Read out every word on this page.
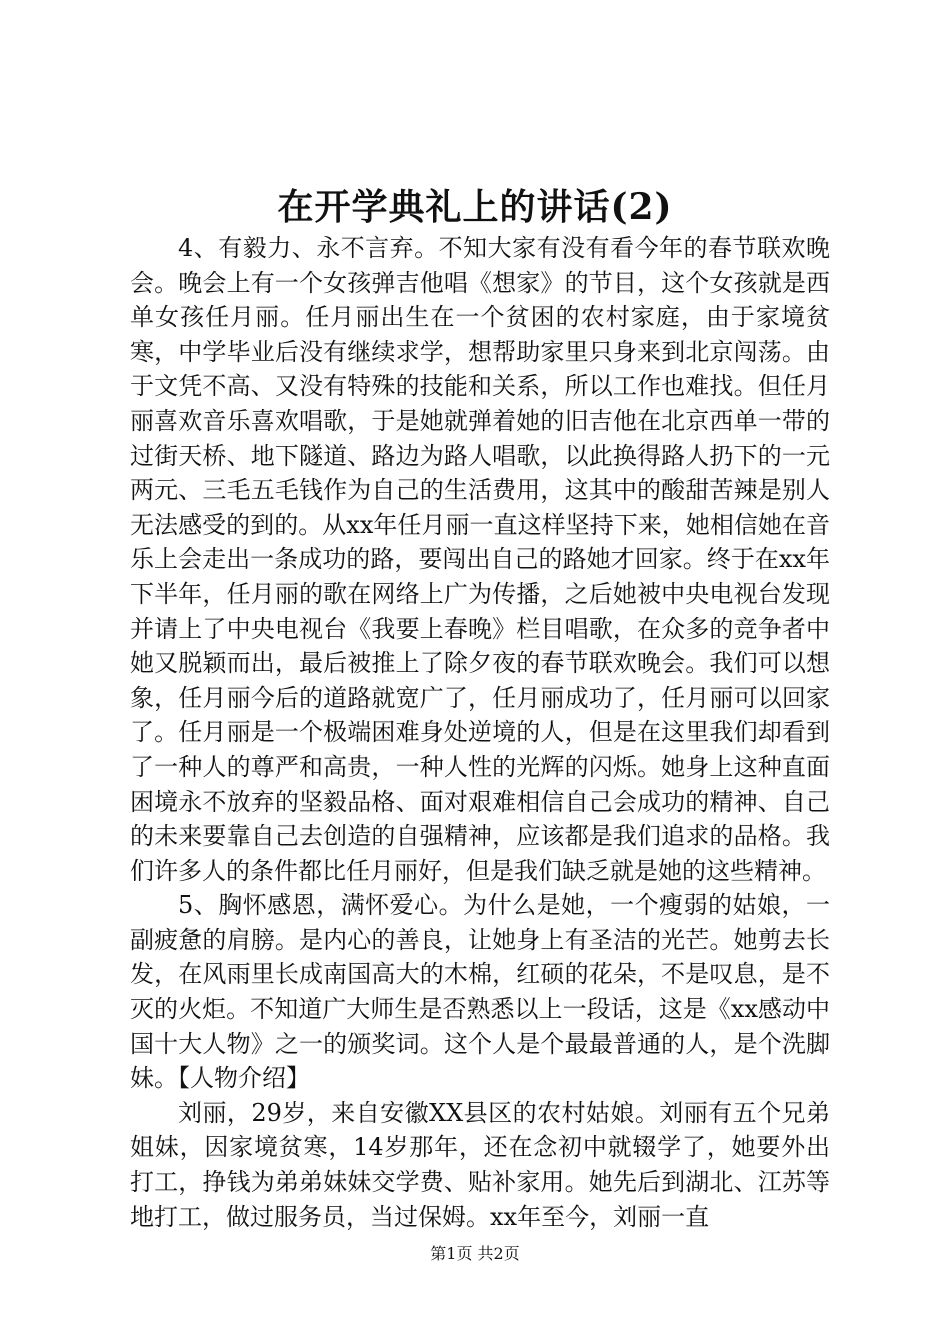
在开学典礼上的讲话(2)

4、有毅力、永不言弃。不知大家有没有看今年的春节联欢晚会。晚会上有一个女孩弹吉他唱《想家》的节目，这个女孩就是西单女孩任月丽。任月丽出生在一个贫困的农村家庭，由于家境贫寒，中学毕业后没有继续求学，想帮助家里只身来到北京闯荡。由于文凭不高、又没有特殊的技能和关系，所以工作也难找。但任月丽喜欢音乐喜欢唱歌，于是她就弹着她的旧吉他在北京西单一带的过街天桥、地下隧道、路边为路人唱歌，以此换得路人扔下的一元两元、三毛五毛钱作为自己的生活费用，这其中的酸甜苦辣是别人无法感受的到的。从xx年任月丽一直这样坚持下来，她相信她在音乐上会走出一条成功的路，要闯出自己的路她才回家。终于在xx年下半年，任月丽的歌在网络上广为传播，之后她被中央电视台发现并请上了中央电视台《我要上春晚》栏目唱歌，在众多的竞争者中她又脱颖而出，最后被推上了除夕夜的春节联欢晚会。我们可以想象，任月丽今后的道路就宽广了，任月丽成功了，任月丽可以回家了。任月丽是一个极端困难身处逆境的人，但是在这里我们却看到了一种人的尊严和高贵，一种人性的光辉的闪烁。她身上这种直面困境永不放弃的坚毅品格、面对艰难相信自己会成功的精神、自己的未来要靠自己去创造的自强精神，应该都是我们追求的品格。我们许多人的条件都比任月丽好，但是我们缺乏就是她的这些精神。

5、胸怀感恩，满怀爱心。为什么是她，一个瘦弱的姑娘，一副疲惫的肩膀。是内心的善良，让她身上有圣洁的光芒。她剪去长发，在风雨里长成南国高大的木棉，红硕的花朵，不是叹息，是不灭的火炬。不知道广大师生是否熟悉以上一段话，这是《xx感动中国十大人物》之一的颁奖词。这个人是个最最普通的人，是个洗脚妹。【人物介绍】

刘丽，29岁，来自安徽XX县区的农村姑娘。刘丽有五个兄弟姐妹，因家境贫寒，14岁那年，还在念初中就辍学了，她要外出打工，挣钱为弟弟妹妹交学费、贴补家用。她先后到湖北、江苏等地打工，做过服务员，当过保姆。xx年至今，刘丽一直

第1页 共2页
